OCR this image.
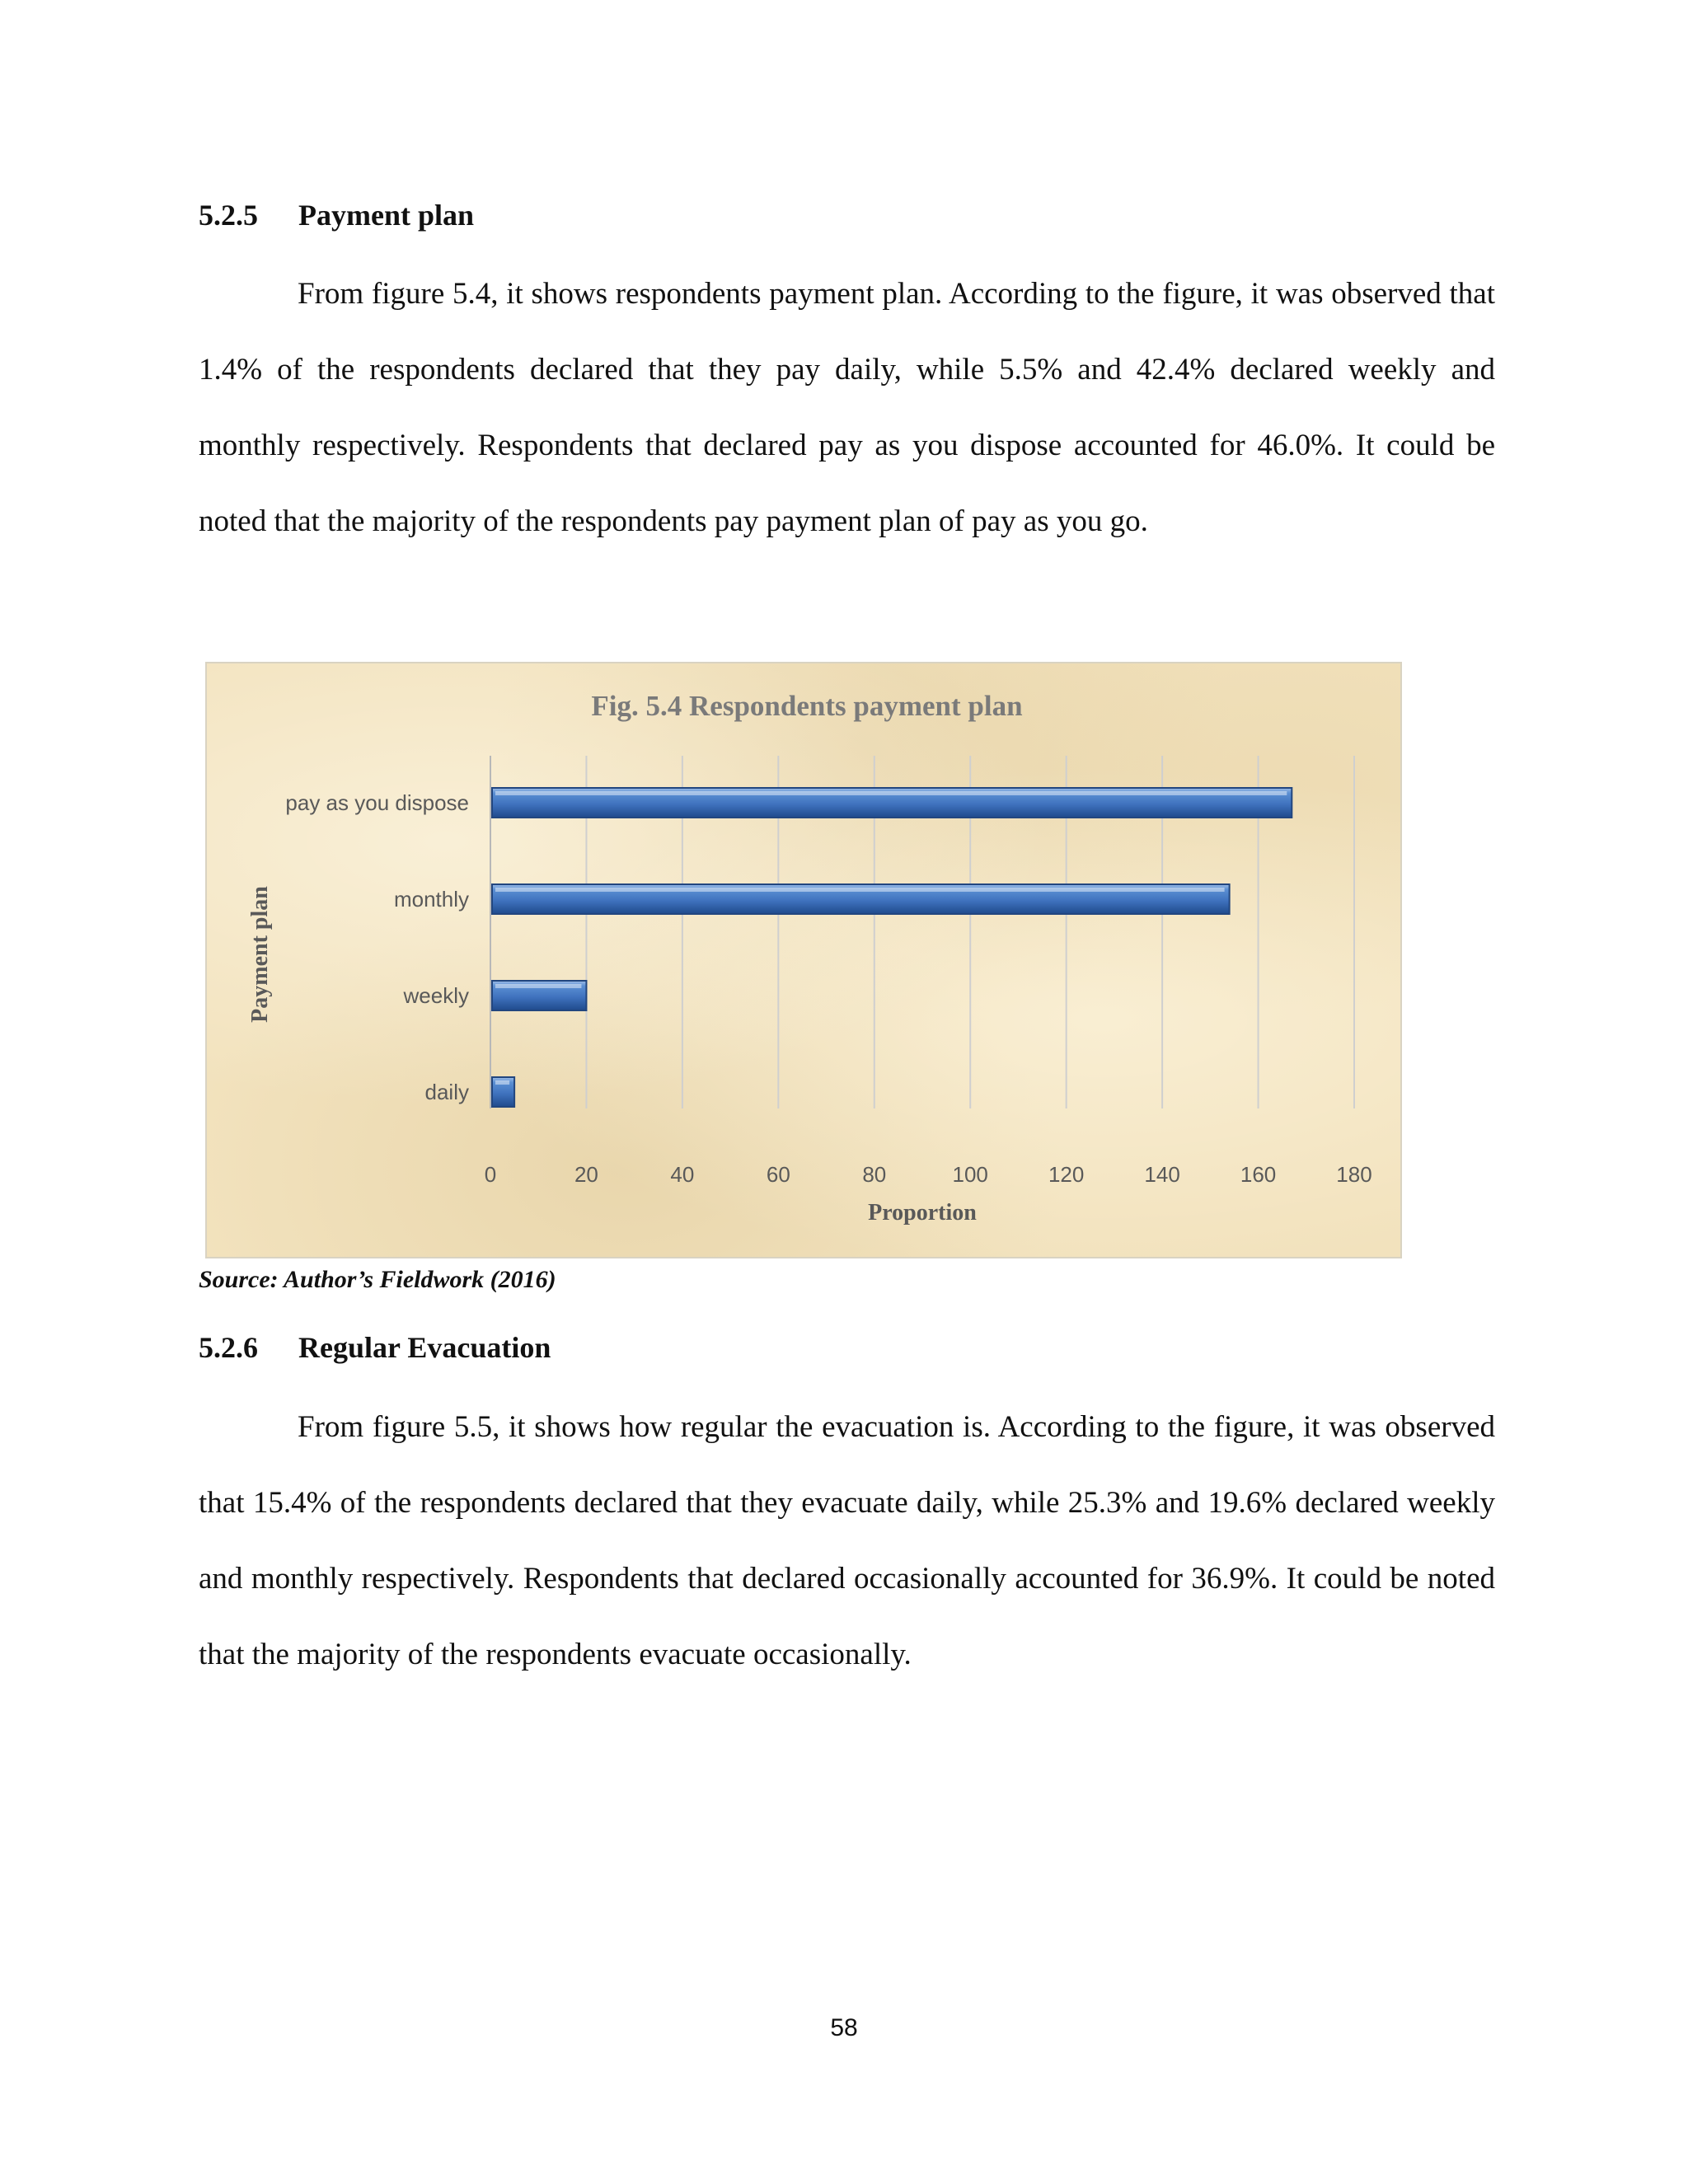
5.2.5 Payment plan

From figure 5.4, it shows respondents payment plan. According to the figure, it was observed that 1.4% of the respondents declared that they pay daily, while 5.5% and 42.4% declared weekly and monthly respectively. Respondents that declared pay as you dispose accounted for 46.0%. It could be noted that the majority of the respondents pay payment plan of pay as you go.

Fig. 5.4 Respondents payment plan
pay as you dispose
monthly
weekly
daily
0	20	40	60	80	100	120	140	160	180
Proportion
Payment plan
Source: Author’s Fieldwork (2016)
5.2.6 Regular Evacuation

From figure 5.5, it shows how regular the evacuation is. According to the figure, it was observed that 15.4% of the respondents declared that they evacuate daily, while 25.3% and 19.6% declared weekly and monthly respectively. Respondents that declared occasionally accounted for 36.9%. It could be noted that the majority of the respondents evacuate occasionally.

58
